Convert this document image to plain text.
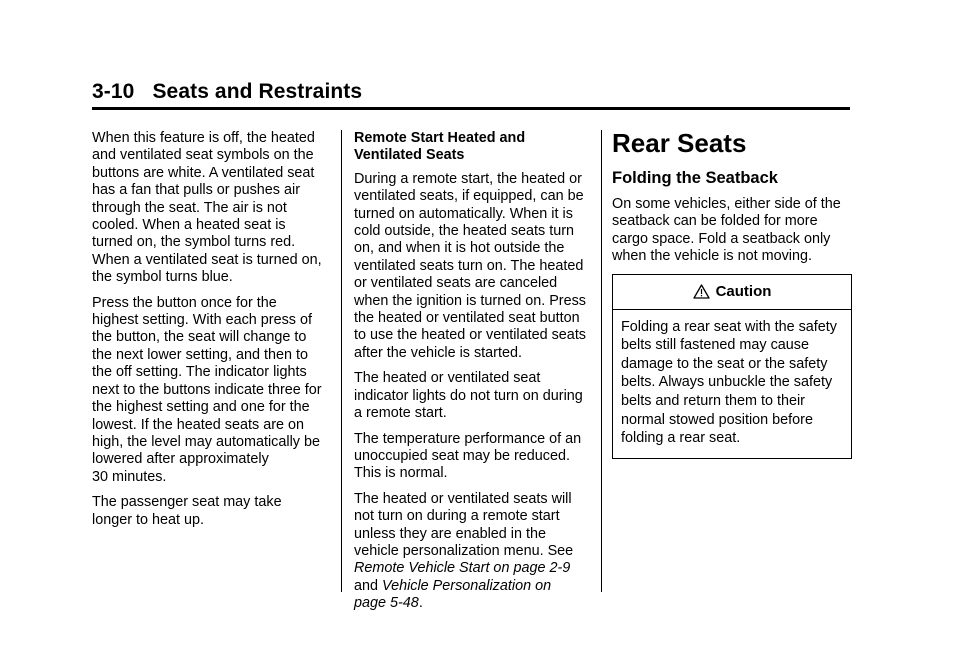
3-10 Seats and Restraints

When this feature is off, the heated
and ventilated seat symbols on the
buttons are white. A ventilated seat
has a fan that pulls or pushes air
through the seat. The air is not
cooled. When a heated seat is
turned on, the symbol turns red.
When a ventilated seat is turned on,
the symbol turns blue.

Press the button once for the
highest setting. With each press of
the button, the seat will change to
the next lower setting, and then to
the off setting. The indicator lights
next to the buttons indicate three for
the highest setting and one for the
lowest. If the heated seats are on
high, the level may automatically be
lowered after approximately
30 minutes.

The passenger seat may take
longer to heat up.

Remote Start Heated and
Ventilated Seats

During a remote start, the heated or
ventilated seats, if equipped, can be
turned on automatically. When it is
cold outside, the heated seats turn
on, and when it is hot outside the
ventilated seats turn on. The heated
or ventilated seats are canceled
when the ignition is turned on. Press
the heated or ventilated seat button
to use the heated or ventilated seats
after the vehicle is started.

The heated or ventilated seat
indicator lights do not turn on during
a remote start.

The temperature performance of an
unoccupied seat may be reduced.
This is normal.

The heated or ventilated seats will
not turn on during a remote start
unless they are enabled in the
vehicle personalization menu. See
Remote Vehicle Start on page 2-9
and Vehicle Personalization on
page 5-48.

Rear Seats
Folding the Seatback

On some vehicles, either side of the
seatback can be folded for more
cargo space. Fold a seatback only
when the vehicle is not moving.

Caution
Folding a rear seat with the safety
belts still fastened may cause
damage to the seat or the safety
belts. Always unbuckle the safety
belts and return them to their
normal stowed position before
folding a rear seat.
